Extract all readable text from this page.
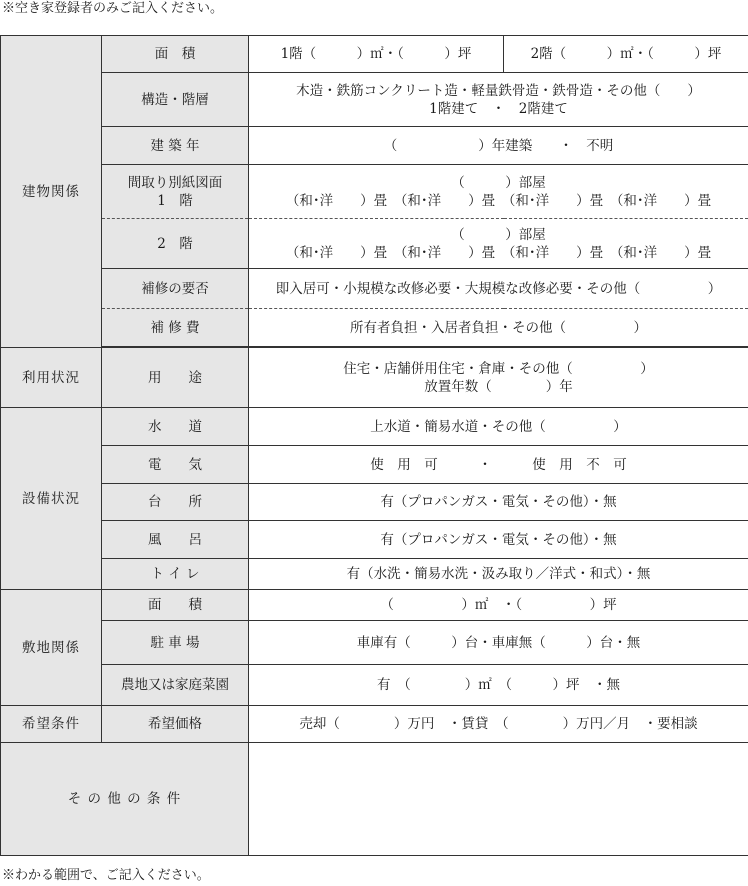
※空き家登録者のみご記入ください。
建物関係	面　積	1階（　　　）㎡・（　　　）坪	2階（　　　）㎡・（　　　）坪
	構造・階層	木造・鉄筋コンクリート造・軽量鉄骨造・鉄骨造・その他（　　）
1階建て　・　2階建て	

	建 築 年	（　　　　　　）年建築　　・　不明	

	間取り別紙図面
1　階	（　　　）部屋
（和･洋　　）畳　（和･洋　　）畳　（和･洋　　）畳　（和･洋　　）畳	

	2　階	（　　　）部屋
（和･洋　　）畳　（和･洋　　）畳　（和･洋　　）畳　（和･洋　　）畳	

	補修の要否	即入居可・小規模な改修必要・大規模な改修必要・その他（　　　　　）	
	補 修 費	所有者負担・入居者負担・その他（　　　　　）	

利用状況	用　　途	住宅・店舗併用住宅・倉庫・その他（　　　　　）
放置年数（　　　　）年	

設備状況	水　　道	上水道・簡易水道・その他（　　　　　）	
	電　　気	使　用　可　　　・　　　使　用　不　可	
	台　　所	有（プロパンガス・電気・その他）・無	
	風　　呂	有（プロパンガス・電気・その他）・無	
	ト イ レ	有（水洗・簡易水洗・汲み取り／洋式・和式）・無	
敷地関係	面　　積	（　　　　　）㎡　・（　　　　　）坪	
	駐 車 場	車庫有（　　　）台・車庫無（　　　）台・無	
	農地又は家庭菜園	有　（　　　　）㎡　（　　　）坪　・無	
希望条件	希望価格	売却（　　　　）万円　・賃貸　（　　　　）万円／月　・要相談	
そ の 他 の 条 件			
※わかる範囲で、ご記入ください。
